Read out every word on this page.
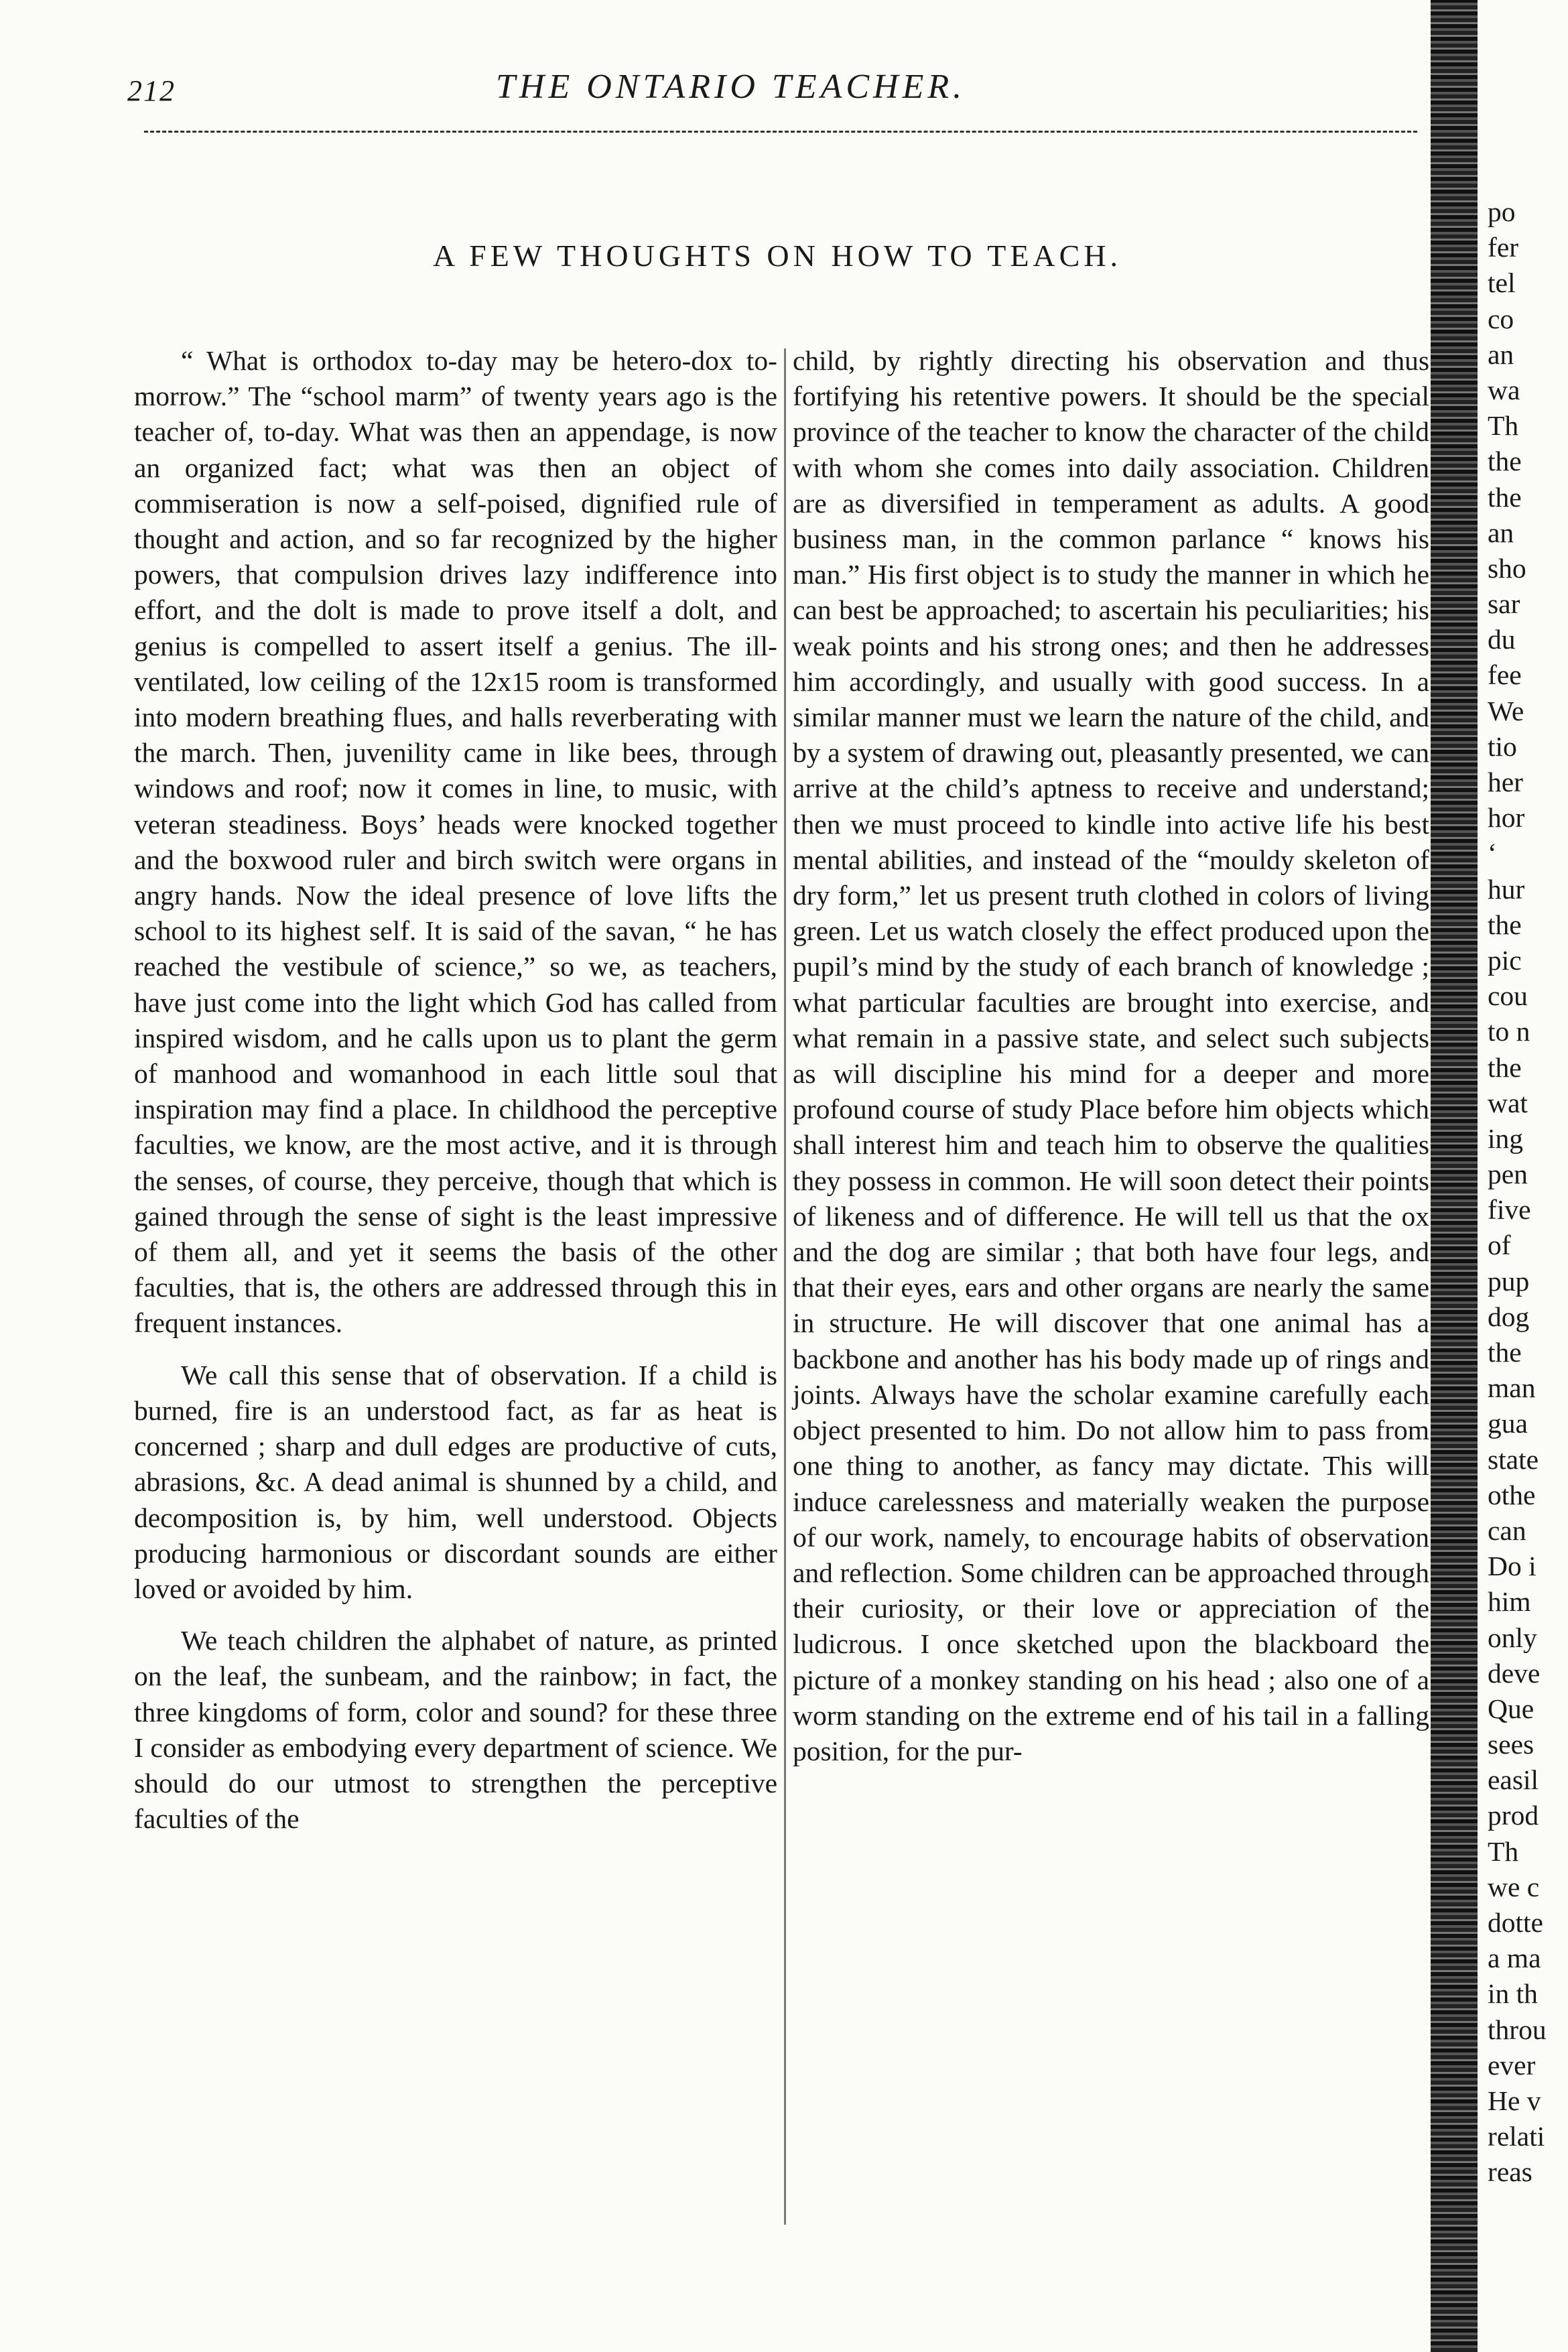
212	THE ONTARIO TEACHER.
A FEW THOUGHTS ON HOW TO TEACH.

“ What is orthodox to-day may be hetero-dox to-morrow.” The “school marm” of twenty years ago is the teacher of, to-day. What was then an appendage, is now an organized fact; what was then an object of commiseration is now a self-poised, dignified rule of thought and action, and so far recognized by the higher powers, that compulsion drives lazy indifference into effort, and the dolt is made to prove itself a dolt, and genius is compelled to assert itself a genius. The ill-ventilated, low ceiling of the 12x15 room is transformed into modern breathing flues, and halls reverberating with the march. Then, juvenility came in like bees, through windows and roof; now it comes in line, to music, with veteran steadiness. Boys’ heads were knocked together and the boxwood ruler and birch switch were organs in angry hands. Now the ideal presence of love lifts the school to its highest self. It is said of the savan, “ he has reached the vestibule of science,” so we, as teachers, have just come into the light which God has called from inspired wisdom, and he calls upon us to plant the germ of manhood and womanhood in each little soul that inspiration may find a place. In childhood the perceptive faculties, we know, are the most active, and it is through the senses, of course, they perceive, though that which is gained through the sense of sight is the least impressive of them all, and yet it seems the basis of the other faculties, that is, the others are addressed through this in frequent instances.

We call this sense that of observation. If a child is burned, fire is an understood fact, as far as heat is concerned ; sharp and dull edges are productive of cuts, abrasions, &c. A dead animal is shunned by a child, and decomposition is, by him, well understood. Objects producing harmonious or discordant sounds are either loved or avoided by him.

We teach children the alphabet of nature, as printed on the leaf, the sunbeam, and the rainbow; in fact, the three kingdoms of form, color and sound? for these three I consider as embodying every department of science. We should do our utmost to strengthen the perceptive faculties of the

child, by rightly directing his observation and thus fortifying his retentive powers. It should be the special province of the teacher to know the character of the child with whom she comes into daily association. Children are as diversified in temperament as adults. A good business man, in the common parlance “ knows his man.” His first object is to study the manner in which he can best be approached; to ascertain his peculiarities; his weak points and his strong ones; and then he addresses him accordingly, and usually with good success. In a similar manner must we learn the nature of the child, and by a system of drawing out, pleasantly presented, we can arrive at the child’s aptness to receive and understand; then we must proceed to kindle into active life his best mental abilities, and instead of the “mouldy skeleton of dry form,” let us present truth clothed in colors of living green. Let us watch closely the effect produced upon the pupil’s mind by the study of each branch of knowledge ; what particular faculties are brought into exercise, and what remain in a passive state, and select such subjects as will discipline his mind for a deeper and more profound course of study Place before him objects which shall interest him and teach him to observe the qualities they possess in common. He will soon detect their points of likeness and of difference. He will tell us that the ox and the dog are similar ; that both have four legs, and that their eyes, ears and other organs are nearly the same in structure. He will discover that one animal has a backbone and another has his body made up of rings and joints. Always have the scholar examine carefully each object presented to him. Do not allow him to pass from one thing to another, as fancy may dictate. This will induce carelessness and materially weaken the purpose of our work, namely, to encourage habits of observation and reflection. Some children can be approached through their curiosity, or their love or appreciation of the ludicrous. I once sketched upon the blackboard the picture of a monkey standing on his head ; also one of a worm standing on the extreme end of his tail in a falling position, for the pur-

po
fer
tel
co
an
wa
Th
the
the
an
sho
sar
du
fee
We
tio
her
hor
‘
hur
the
pic
cou
to n
the
wat
ing
pen
five
of
pup
dog
the
man
gua
state
othe
can
Do i
him
only
deve
Que
sees
easil
prod
Th
we c
dotte
a ma
in th
throu
ever
He v
relati
reas
